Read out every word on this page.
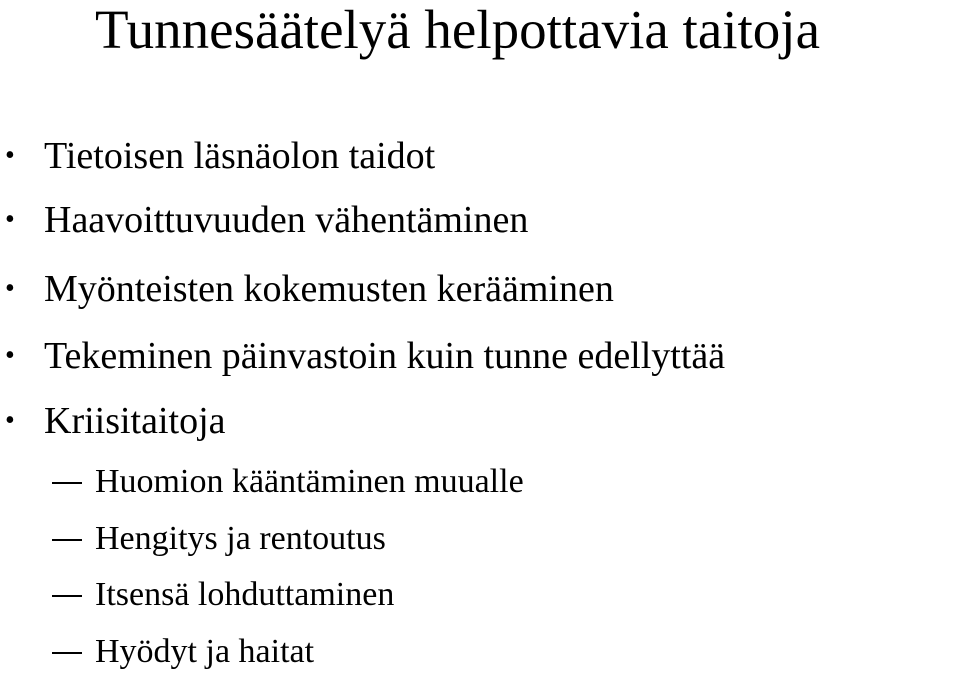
Tunnesäätelyä helpottavia taitoja
• Tietoisen läsnäolon taidot
• Haavoittuvuuden vähentäminen
• Myönteisten kokemusten kerääminen
• Tekeminen päinvastoin kuin tunne edellyttää
• Kriisitaitoja
Huomion kääntäminen muualle
Hengitys ja rentoutus
Itsensä lohduttaminen
Hyödyt ja haitat
